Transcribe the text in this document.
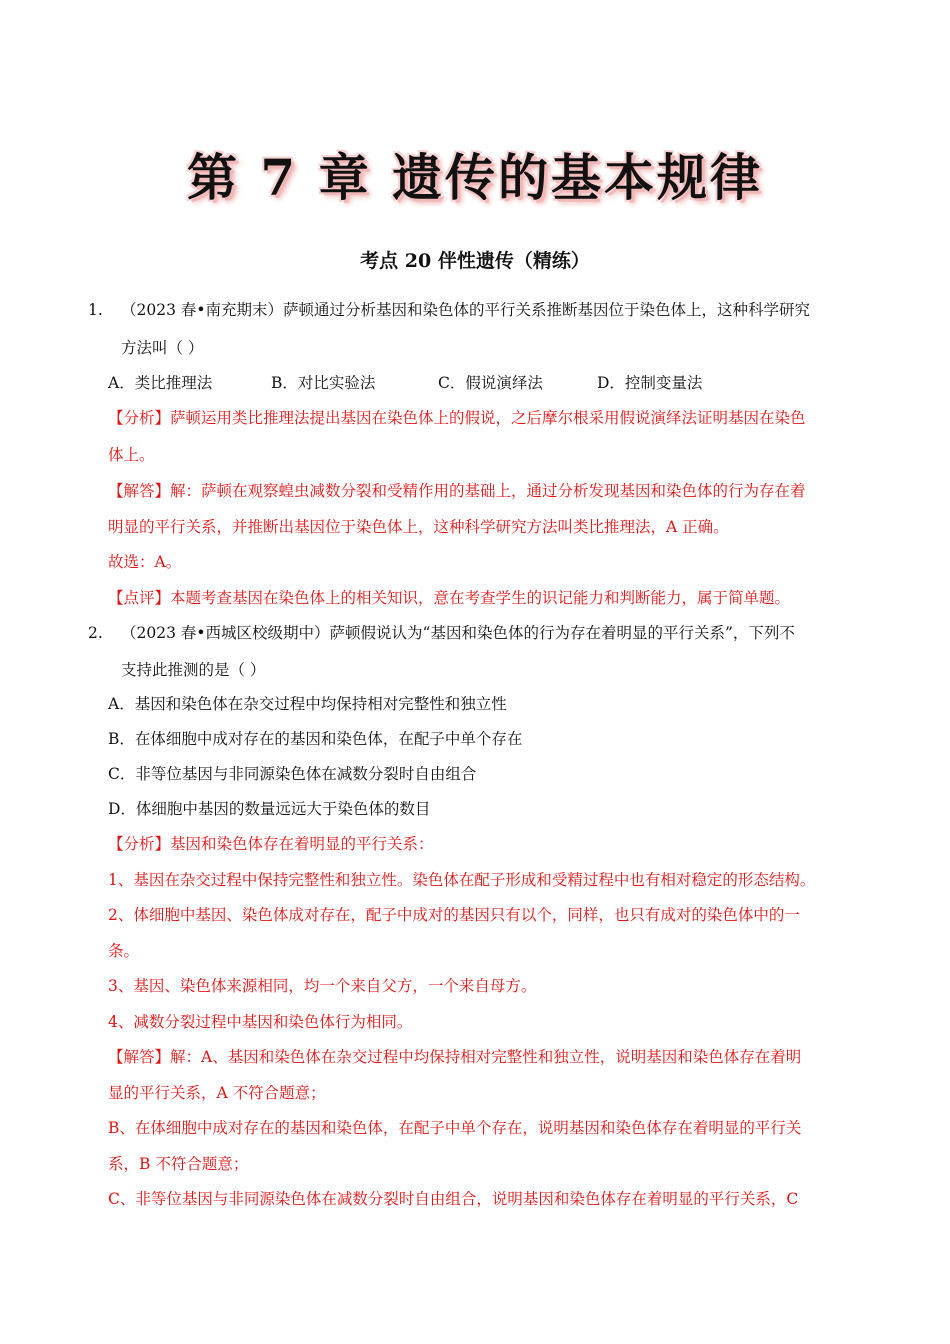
第 7 章 遗传的基本规律
考点 20 伴性遗传（精练）
1. （2023 春•南充期末）萨顿通过分析基因和染色体的平行关系推断基因位于染色体上，这种科学研究
方法叫（ ）
A．类比推理法	B．对比实验法	C．假说演绎法	D．控制变量法
【分析】萨顿运用类比推理法提出基因在染色体上的假说，之后摩尔根采用假说演绎法证明基因在染色
体上。
【解答】解：萨顿在观察蝗虫减数分裂和受精作用的基础上，通过分析发现基因和染色体的行为存在着
明显的平行关系，并推断出基因位于染色体上，这种科学研究方法叫类比推理法，A 正确。
故选：A。
【点评】本题考查基因在染色体上的相关知识，意在考查学生的识记能力和判断能力，属于简单题。
2. （2023 春•西城区校级期中）萨顿假说认为“基因和染色体的行为存在着明显的平行关系”，下列不
支持此推测的是（ ）
A．基因和染色体在杂交过程中均保持相对完整性和独立性
B．在体细胞中成对存在的基因和染色体，在配子中单个存在
C．非等位基因与非同源染色体在减数分裂时自由组合
D．体细胞中基因的数量远远大于染色体的数目
【分析】基因和染色体存在着明显的平行关系：
1、基因在杂交过程中保持完整性和独立性。染色体在配子形成和受精过程中也有相对稳定的形态结构。
2、体细胞中基因、染色体成对存在，配子中成对的基因只有以个，同样，也只有成对的染色体中的一
条。
3、基因、染色体来源相同，均一个来自父方，一个来自母方。
4、减数分裂过程中基因和染色体行为相同。
【解答】解：A、基因和染色体在杂交过程中均保持相对完整性和独立性，说明基因和染色体存在着明
显的平行关系，A 不符合题意；
B、在体细胞中成对存在的基因和染色体，在配子中单个存在，说明基因和染色体存在着明显的平行关
系，B 不符合题意；
C、非等位基因与非同源染色体在减数分裂时自由组合，说明基因和染色体存在着明显的平行关系，C
